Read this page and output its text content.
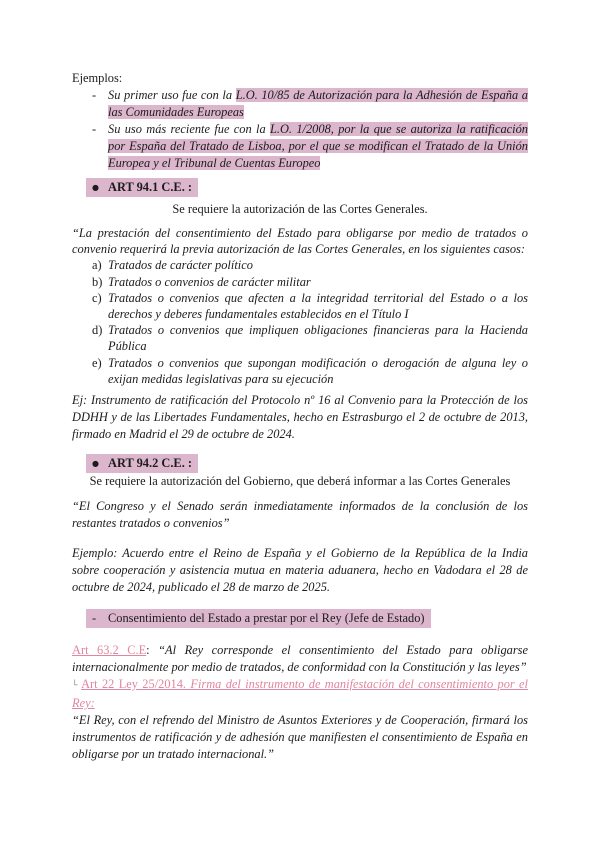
Ejemplos:

- Su primer uso fue con la L.O. 10/85 de Autorización para la Adhesión de España a las Comunidades Europeas
- Su uso más reciente fue con la L.O. 1/2008, por la que se autoriza la ratificación por España del Tratado de Lisboa, por el que se modifican el Tratado de la Unión Europea y el Tribunal de Cuentas Europeo
● ART 94.1 C.E. :

Se requiere la autorización de las Cortes Generales.

“La prestación del consentimiento del Estado para obligarse por medio de tratados o convenio requerirá la previa autorización de las Cortes Generales, en los siguientes casos:

a) Tratados de carácter político
b) Tratados o convenios de carácter militar
c) Tratados o convenios que afecten a la integridad territorial del Estado o a los derechos y deberes fundamentales establecidos en el Título I
d) Tratados o convenios que impliquen obligaciones financieras para la Hacienda Pública
e) Tratados o convenios que supongan modificación o derogación de alguna ley o exijan medidas legislativas para su ejecución

Ej: Instrumento de ratificación del Protocolo nº 16 al Convenio para la Protección de los DDHH y de las Libertades Fundamentales, hecho en Estrasburgo el 2 de octubre de 2013, firmado en Madrid el 29 de octubre de 2024.

● ART 94.2 C.E. :

Se requiere la autorización del Gobierno, que deberá informar a las Cortes Generales

“El Congreso y el Senado serán inmediatamente informados de la conclusión de los restantes tratados o convenios”

Ejemplo: Acuerdo entre el Reino de España y el Gobierno de la República de la India sobre cooperación y asistencia mutua en materia aduanera, hecho en Vadodara el 28 de octubre de 2024, publicado el 28 de marzo de 2025.

- Consentimiento del Estado a prestar por el Rey (Jefe de Estado)

Art 63.2 C.E: “Al Rey corresponde el consentimiento del Estado para obligarse internacionalmente por medio de tratados, de conformidad con la Constitución y las leyes”

└ Art 22 Ley 25/2014. Firma del instrumento de manifestación del consentimiento por el Rey:

“El Rey, con el refrendo del Ministro de Asuntos Exteriores y de Cooperación, firmará los instrumentos de ratificación y de adhesión que manifiesten el consentimiento de España en obligarse por un tratado internacional.”
